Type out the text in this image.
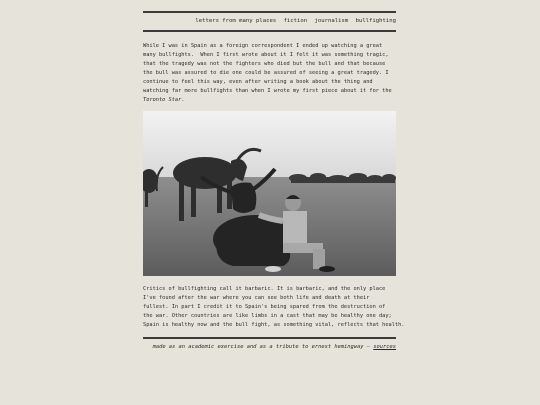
letters from many places fiction journalism bullfighting
While I was in Spain as a foreign correspondent I ended up watching a great
many bullfights.  When I first wrote about it I felt it was something tragic,
that the tragedy was not the fighters who died but the bull and that because
the bull was assured to die one could be assured of seeing a great tragedy. I
continue to feel this way, even after writing a book about the thing and
watching far more bullfights than when I wrote my first piece about it for the
Toronto Star.
Critics of bullfighting call it barbaric. It is barbaric, and the only place
I've found after the war where you can see both life and death at their
fullest. In part I credit it to Spain's being spared from the destruction of
the war. Other countries are like limbs in a cast that may be healthy one day;
Spain is healthy now and the bull fight, as something vital, reflects that health.
made as an academic exercise and as a tribute to ernest hemingway — sources
